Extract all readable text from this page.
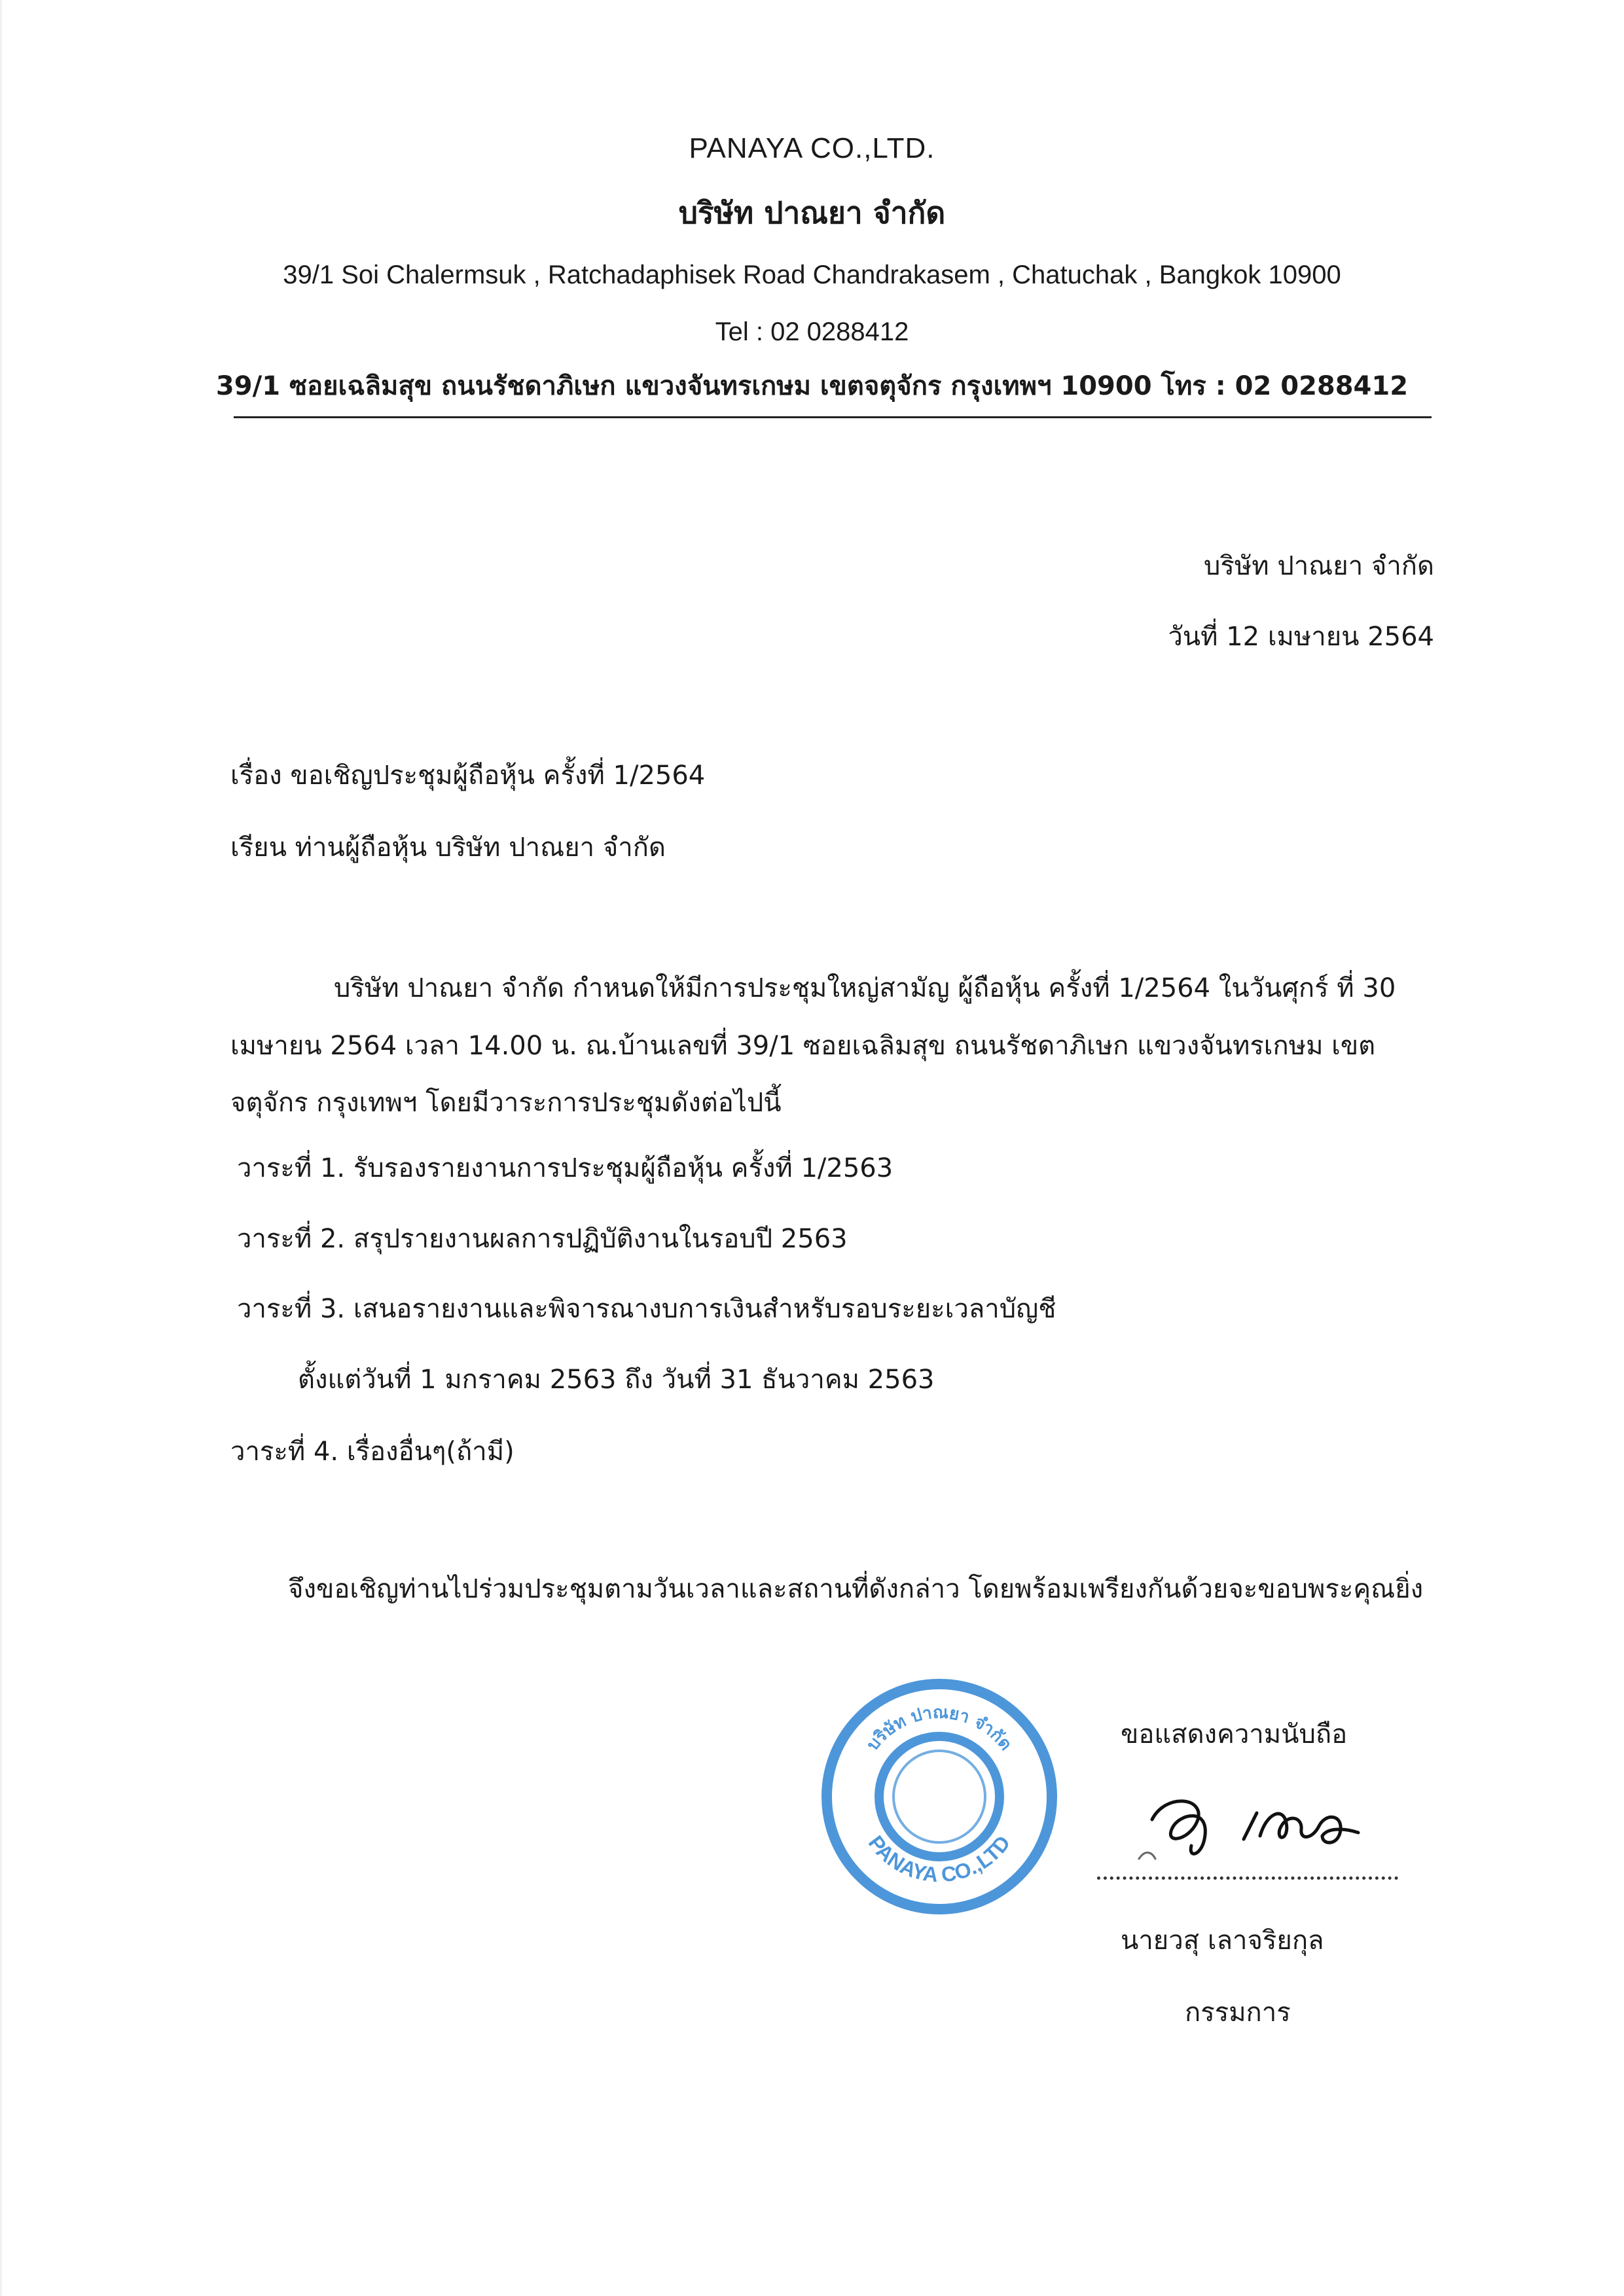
PANAYA CO.,LTD.
บริษัท ปาณยา จำกัด
39/1 Soi Chalermsuk , Ratchadaphisek Road Chandrakasem , Chatuchak , Bangkok 10900
Tel : 02 0288412
39/1 ซอยเฉลิมสุข ถนนรัชดาภิเษก แขวงจันทรเกษม เขตจตุจักร กรุงเทพฯ 10900 โทร : 02 0288412
บริษัท ปาณยา จำกัด
วันที่ 12 เมษายน 2564
เรื่อง ขอเชิญประชุมผู้ถือหุ้น ครั้งที่ 1/2564
เรียน ท่านผู้ถือหุ้น บริษัท ปาณยา จำกัด
บริษัท ปาณยา จำกัด กำหนดให้มีการประชุมใหญ่สามัญ ผู้ถือหุ้น ครั้งที่ 1/2564 ในวันศุกร์ ที่ 30
เมษายน 2564 เวลา 14.00 น. ณ.บ้านเลขที่ 39/1 ซอยเฉลิมสุข ถนนรัชดาภิเษก แขวงจันทรเกษม เขต
จตุจักร กรุงเทพฯ โดยมีวาระการประชุมดังต่อไปนี้
วาระที่ 1. รับรองรายงานการประชุมผู้ถือหุ้น ครั้งที่ 1/2563
วาระที่ 2. สรุปรายงานผลการปฏิบัติงานในรอบปี 2563
วาระที่ 3. เสนอรายงานและพิจารณางบการเงินสำหรับรอบระยะเวลาบัญชี
ตั้งแต่วันที่ 1 มกราคม 2563 ถึง วันที่ 31 ธันวาคม 2563
วาระที่ 4. เรื่องอื่นๆ(ถ้ามี)
จึงขอเชิญท่านไปร่วมประชุมตามวันเวลาและสถานที่ดังกล่าว โดยพร้อมเพรียงกันด้วยจะขอบพระคุณยิ่ง
บริษัท ปาณยา จำกัด
PANAYA CO.,LTD
ขอแสดงความนับถือ
นายวสุ เลาจริยกุล
กรรมการ
